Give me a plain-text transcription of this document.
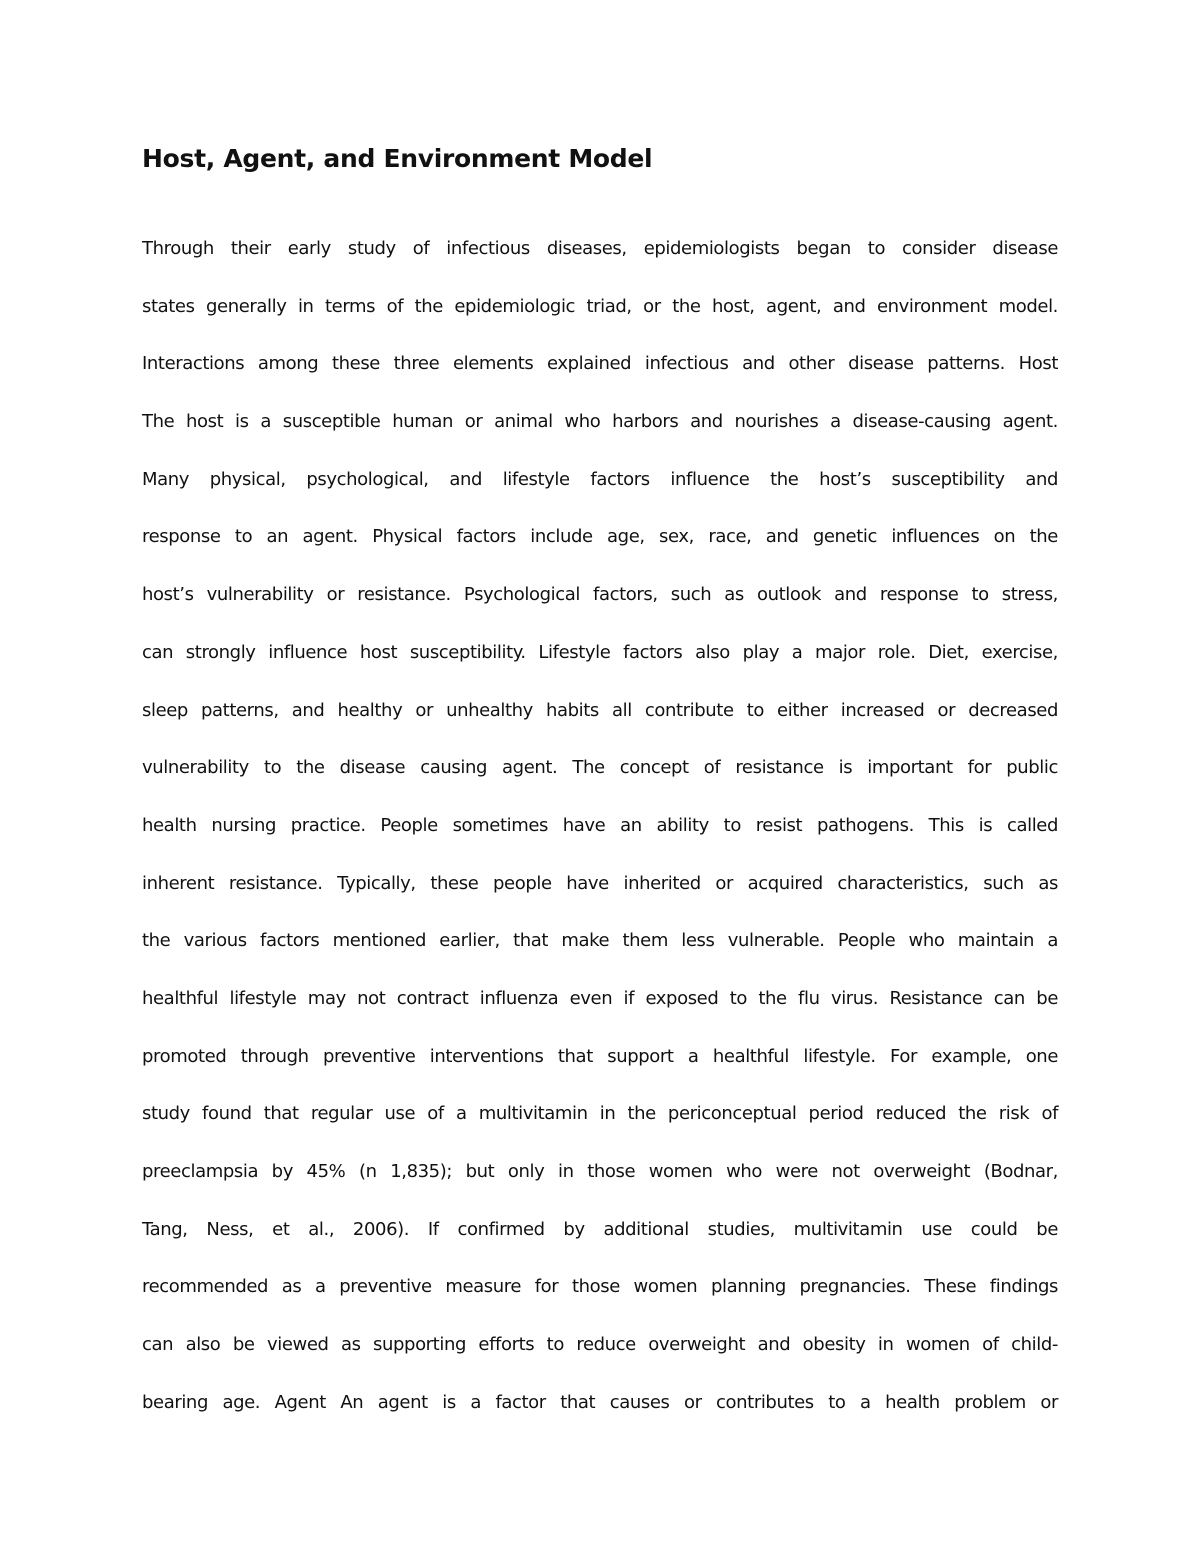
Host, Agent, and Environment Model
Through their early study of infectious diseases, epidemiologists began to consider disease
states generally in terms of the epidemiologic triad, or the host, agent, and environment model.
Interactions among these three elements explained infectious and other disease patterns. Host
The host is a susceptible human or animal who harbors and nourishes a disease-causing agent.
Many physical, psychological, and lifestyle factors influence the host’s susceptibility and
response to an agent. Physical factors include age, sex, race, and genetic influences on the
host’s vulnerability or resistance. Psychological factors, such as outlook and response to stress,
can strongly influence host susceptibility. Lifestyle factors also play a major role. Diet, exercise,
sleep patterns, and healthy or unhealthy habits all contribute to either increased or decreased
vulnerability to the disease causing agent. The concept of resistance is important for public
health nursing practice. People sometimes have an ability to resist pathogens. This is called
inherent resistance. Typically, these people have inherited or acquired characteristics, such as
the various factors mentioned earlier, that make them less vulnerable. People who maintain a
healthful lifestyle may not contract influenza even if exposed to the flu virus. Resistance can be
promoted through preventive interventions that support a healthful lifestyle. For example, one
study found that regular use of a multivitamin in the periconceptual period reduced the risk of
preeclampsia by 45% (n 1,835); but only in those women who were not overweight (Bodnar,
Tang, Ness, et al., 2006). If confirmed by additional studies, multivitamin use could be
recommended as a preventive measure for those women planning pregnancies. These findings
can also be viewed as supporting efforts to reduce overweight and obesity in women of child-
bearing age. Agent An agent is a factor that causes or contributes to a health problem or
